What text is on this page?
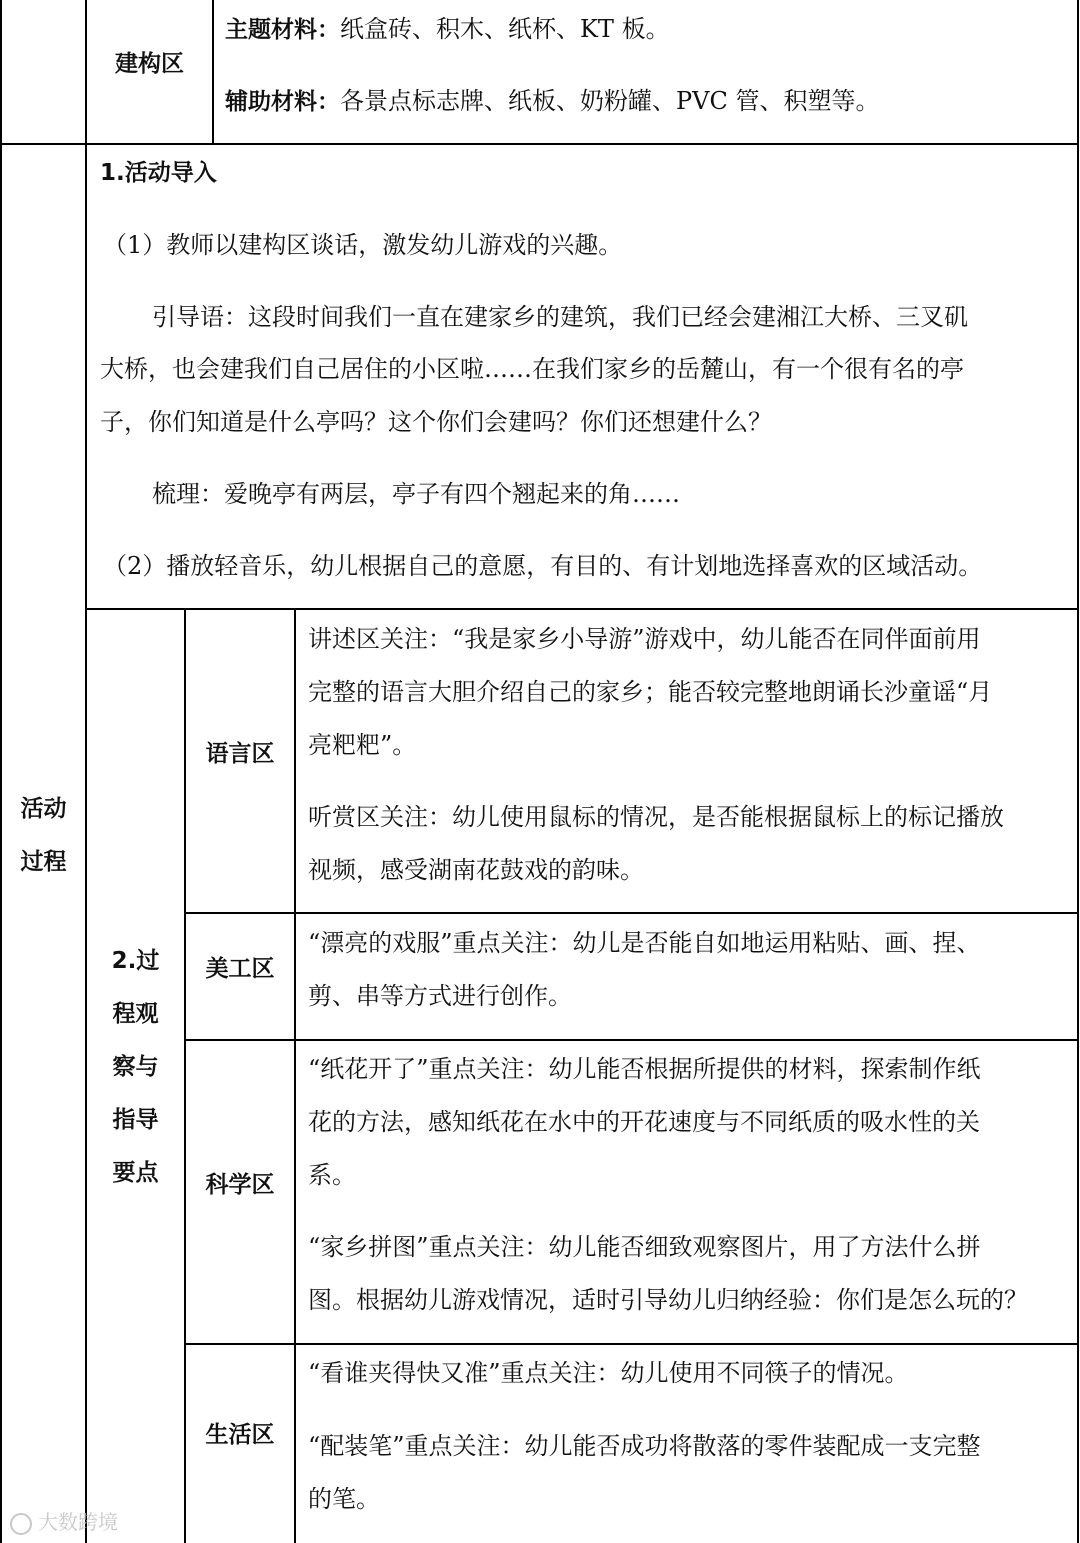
建构区
主题材料：纸盒砖、积木、纸杯、KT 板。
辅助材料：各景点标志牌、纸板、奶粉罐、PVC 管、积塑等。
活动
过程
1.活动导入
（1）教师以建构区谈话，激发幼儿游戏的兴趣。
引导语：这段时间我们一直在建家乡的建筑，我们已经会建湘江大桥、三叉矶
大桥，也会建我们自己居住的小区啦……在我们家乡的岳麓山，有一个很有名的亭
子，你们知道是什么亭吗？这个你们会建吗？你们还想建什么？
梳理：爱晚亭有两层，亭子有四个翘起来的角……
（2）播放轻音乐，幼儿根据自己的意愿，有目的、有计划地选择喜欢的区域活动。
2.过
程观
察与
指导
要点
语言区
讲述区关注：“我是家乡小导游”游戏中，幼儿能否在同伴面前用
完整的语言大胆介绍自己的家乡；能否较完整地朗诵长沙童谣“月
亮粑粑”。
听赏区关注：幼儿使用鼠标的情况，是否能根据鼠标上的标记播放
视频，感受湖南花鼓戏的韵味。
美工区
“漂亮的戏服”重点关注：幼儿是否能自如地运用粘贴、画、捏、
剪、串等方式进行创作。
科学区
“纸花开了”重点关注：幼儿能否根据所提供的材料，探索制作纸
花的方法，感知纸花在水中的开花速度与不同纸质的吸水性的关
系。
“家乡拼图”重点关注：幼儿能否细致观察图片，用了方法什么拼
图。根据幼儿游戏情况，适时引导幼儿归纳经验：你们是怎么玩的？
生活区
“看谁夹得快又准”重点关注：幼儿使用不同筷子的情况。
“配装笔”重点关注：幼儿能否成功将散落的零件装配成一支完整
的笔。
大数跨境
